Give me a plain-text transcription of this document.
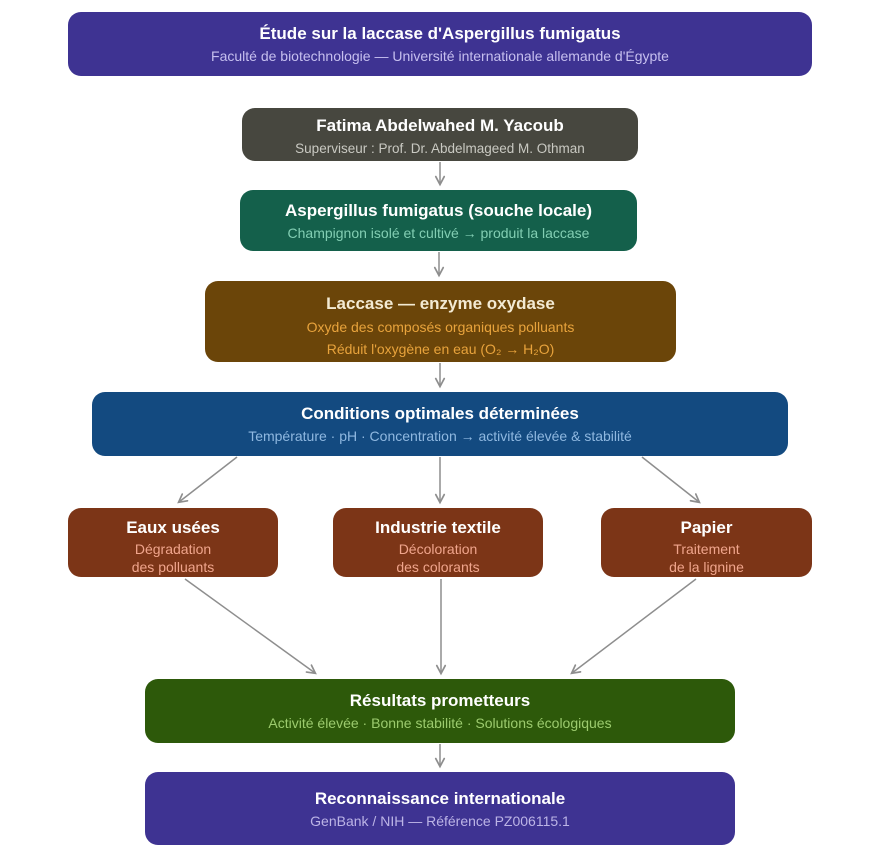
Étude sur la laccase d'Aspergillus fumigatus
Faculté de biotechnologie — Université internationale allemande d'Égypte
Fatima Abdelwahed M. Yacoub
Superviseur : Prof. Dr. Abdelmageed M. Othman
Aspergillus fumigatus (souche locale)
Champignon isolé et cultivé → produit la laccase
Laccase — enzyme oxydase
Oxyde des composés organiques polluants
Réduit l'oxygène en eau (O₂ → H₂O)
Conditions optimales déterminées
Température · pH · Concentration → activité élevée & stabilité
Eaux usées
Dégradation
des polluants
Industrie textile
Décoloration
des colorants
Papier
Traitement
de la lignine
Résultats prometteurs
Activité élevée · Bonne stabilité · Solutions écologiques
Reconnaissance internationale
GenBank / NIH — Référence PZ006115.1
